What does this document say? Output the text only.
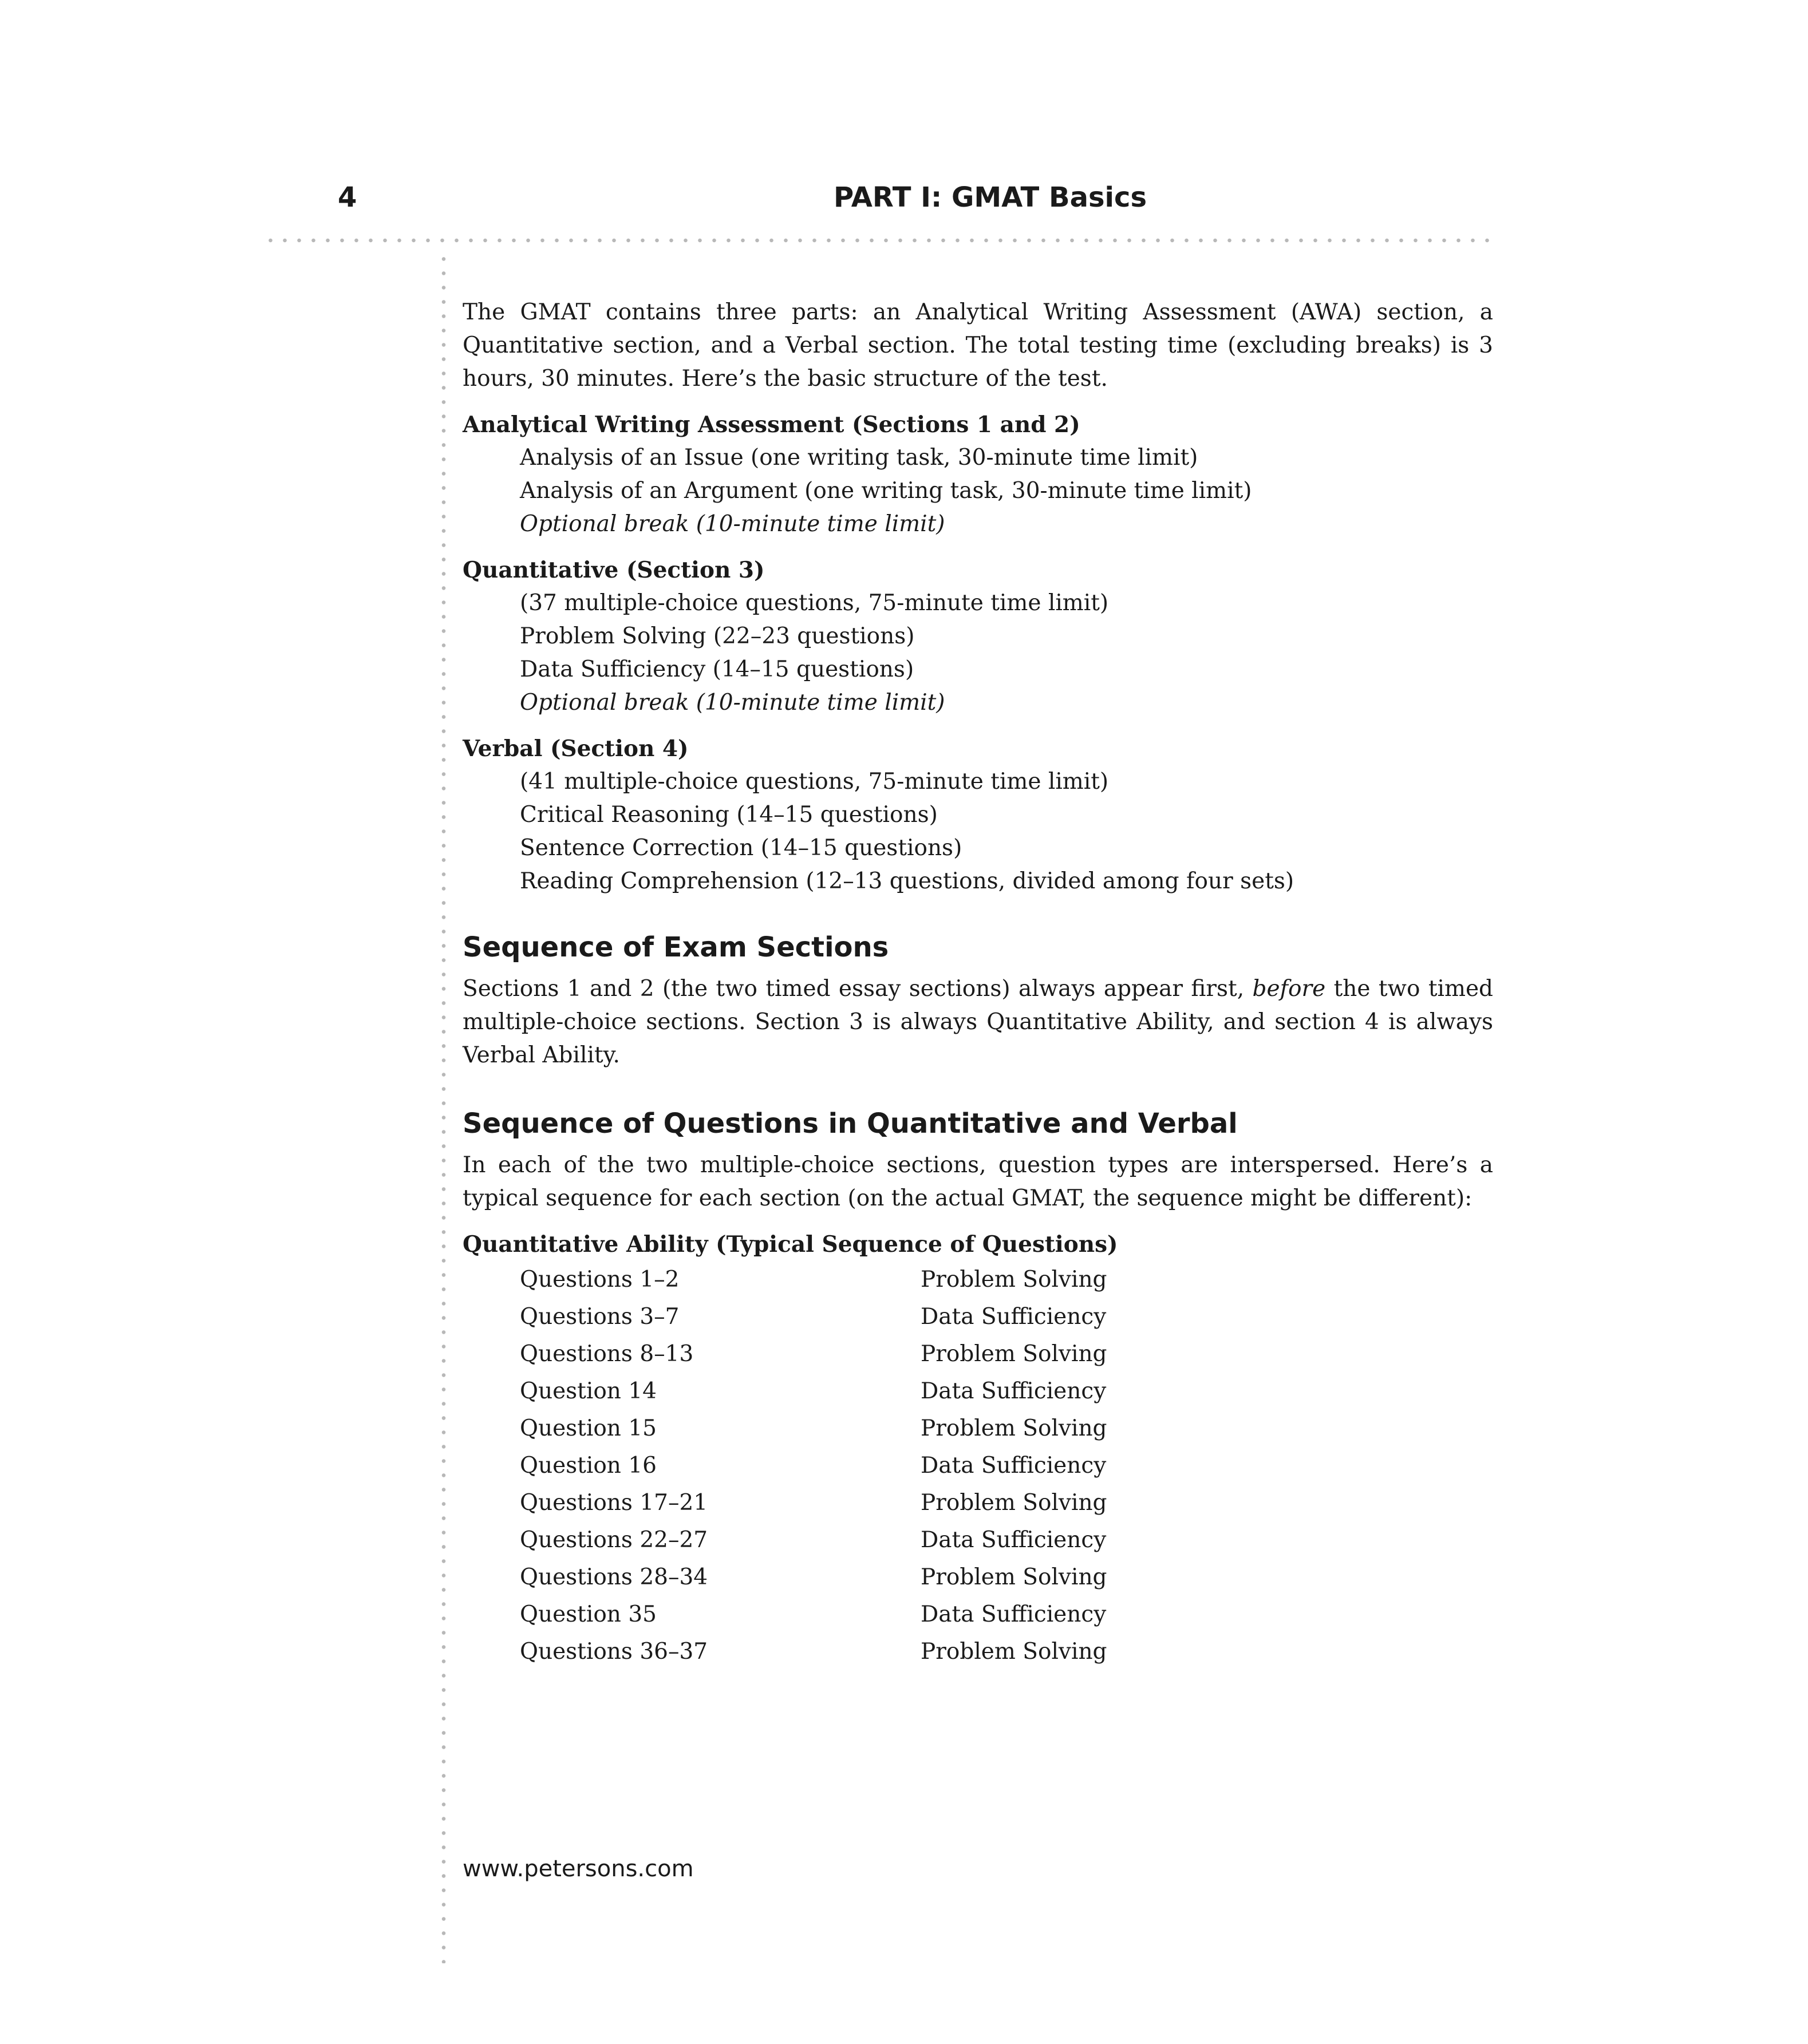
4	PART I: GMAT Basics

The GMAT contains three parts: an Analytical Writing Assessment (AWA) section, a Quantitative section, and a Verbal section. The total testing time (excluding breaks) is 3 hours, 30 minutes. Here’s the basic structure of the test.

Analytical Writing Assessment (Sections 1 and 2)
Analysis of an Issue (one writing task, 30-minute time limit)
Analysis of an Argument (one writing task, 30-minute time limit)
Optional break (10-minute time limit)
Quantitative (Section 3)
(37 multiple-choice questions, 75-minute time limit)
Problem Solving (22–23 questions)
Data Sufficiency (14–15 questions)
Optional break (10-minute time limit)
Verbal (Section 4)
(41 multiple-choice questions, 75-minute time limit)
Critical Reasoning (14–15 questions)
Sentence Correction (14–15 questions)
Reading Comprehension (12–13 questions, divided among four sets)
Sequence of Exam Sections

Sections 1 and 2 (the two timed essay sections) always appear first, before the two timed multiple-choice sections. Section 3 is always Quantitative Ability, and section 4 is always Verbal Ability.

Sequence of Questions in Quantitative and Verbal

In each of the two multiple-choice sections, question types are interspersed. Here’s a typical sequence for each section (on the actual GMAT, the sequence might be different):

Quantitative Ability (Typical Sequence of Questions)
Questions 1–2	Problem Solving
Questions 3–7	Data Sufficiency
Questions 8–13	Problem Solving
Question 14	Data Sufficiency
Question 15	Problem Solving
Question 16	Data Sufficiency
Questions 17–21	Problem Solving
Questions 22–27	Data Sufficiency
Questions 28–34	Problem Solving
Question 35	Data Sufficiency
Questions 36–37	Problem Solving
www.petersons.com
